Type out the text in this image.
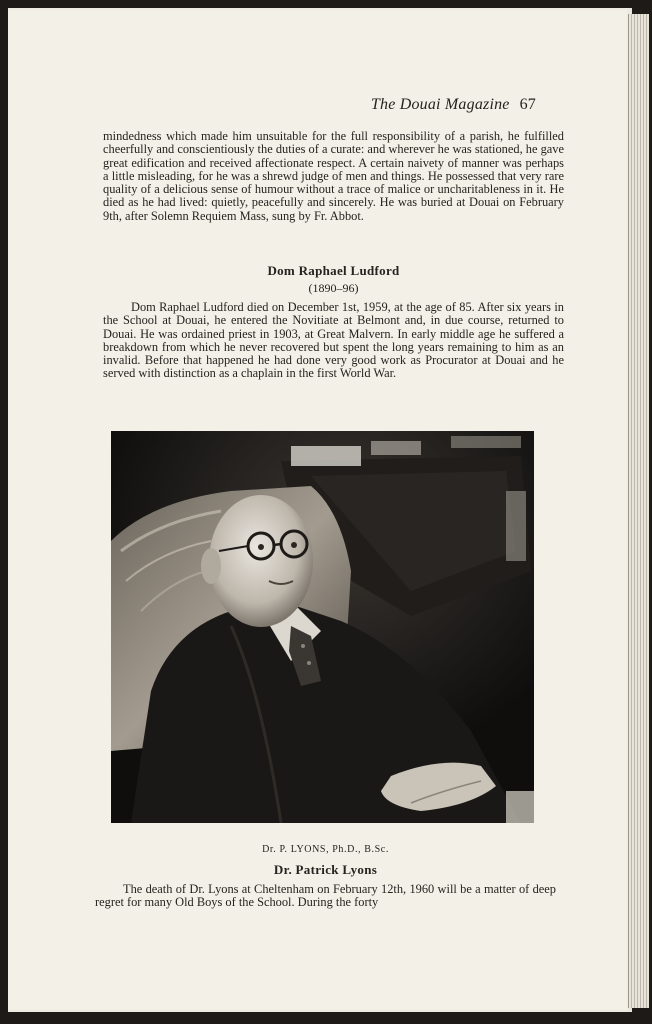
The Douai Magazine 67

mindedness which made him unsuitable for the full responsibility of a parish, he fulfilled cheerfully and conscientiously the duties of a curate: and wherever he was stationed, he gave great edification and received affectionate respect. A certain naivety of manner was perhaps a little misleading, for he was a shrewd judge of men and things. He possessed that very rare quality of a delicious sense of humour without a trace of malice or uncharitableness in it. He died as he had lived: quietly, peacefully and sincerely. He was buried at Douai on February 9th, after Solemn Requiem Mass, sung by Fr. Abbot.

Dom Raphael Ludford
(1890–96)

Dom Raphael Ludford died on December 1st, 1959, at the age of 85. After six years in the School at Douai, he entered the Novitiate at Belmont and, in due course, returned to Douai. He was ordained priest in 1903, at Great Malvern. In early middle age he suffered a breakdown from which he never recovered but spent the long years remaining to him as an invalid. Before that happened he had done very good work as Procurator at Douai and he served with distinction as a chaplain in the first World War.

Dr. P. LYONS, Ph.D., B.Sc.
Dr. Patrick Lyons

The death of Dr. Lyons at Cheltenham on February 12th, 1960 will be a matter of deep regret for many Old Boys of the School. During the forty
